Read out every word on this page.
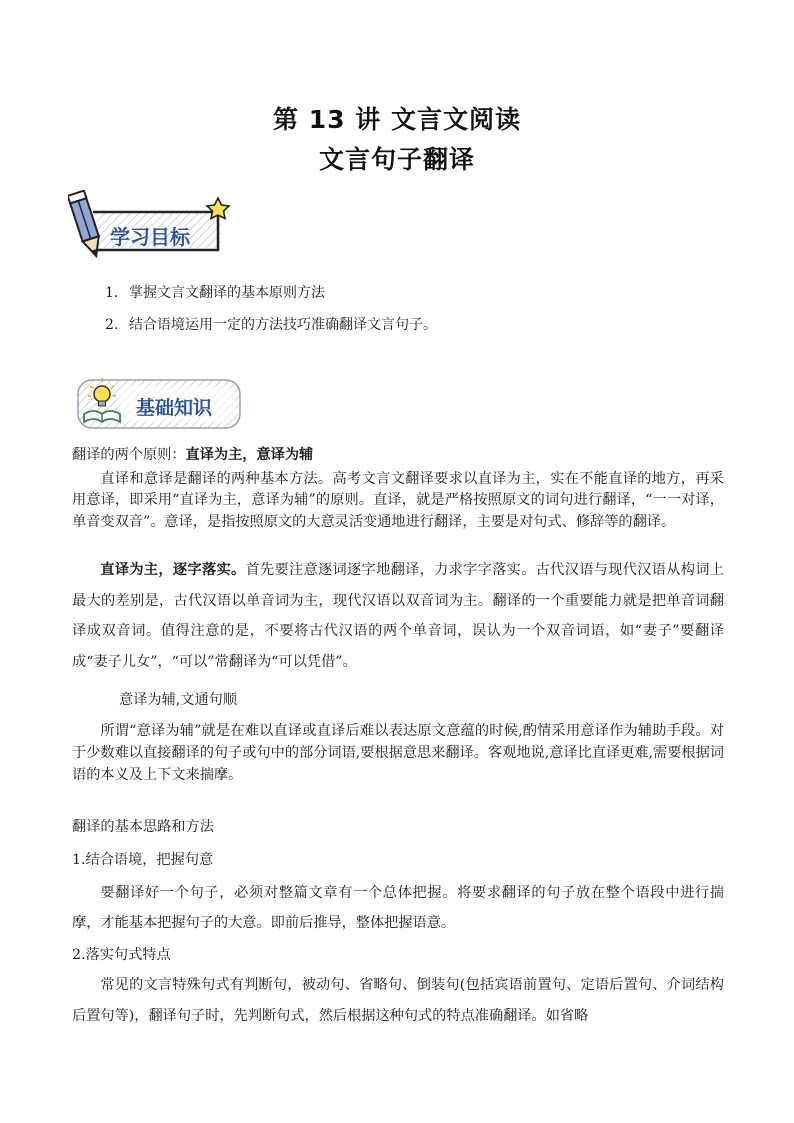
第 13 讲 文言文阅读
文言句子翻译
学习目标
1. 掌握文言文翻译的基本原则方法
2. 结合语境运用一定的方法技巧准确翻译文言句子。
基础知识
翻译的两个原则：直译为主，意译为辅
直译和意译是翻译的两种基本方法。高考文言文翻译要求以直译为主，实在不能直译的地方，再采用意译，即采用“直译为主，意译为辅”的原则。直译，就是严格按照原文的词句进行翻译，“一一对译，单音变双音”。意译，是指按照原文的大意灵活变通地进行翻译，主要是对句式、修辞等的翻译。
直译为主，逐字落实。首先要注意逐词逐字地翻译，力求字字落实。古代汉语与现代汉语从构词上最大的差别是，古代汉语以单音词为主，现代汉语以双音词为主。翻译的一个重要能力就是把单音词翻译成双音词。值得注意的是，不要将古代汉语的两个单音词，误认为一个双音词语，如“妻子”要翻译成“妻子儿女”，“可以”常翻译为“可以凭借”。
意译为辅,文通句顺
所谓“意译为辅”就是在难以直译或直译后难以表达原文意蕴的时候,酌情采用意译作为辅助手段。对于少数难以直接翻译的句子或句中的部分词语,要根据意思来翻译。客观地说,意译比直译更难,需要根据词语的本义及上下文来揣摩。
翻译的基本思路和方法
1.结合语境，把握句意
要翻译好一个句子，必须对整篇文章有一个总体把握。将要求翻译的句子放在整个语段中进行揣摩，才能基本把握句子的大意。即前后推导，整体把握语意。
2.落实句式特点
常见的文言特殊句式有判断句，被动句、省略句、倒装句(包括宾语前置句、定语后置句、介词结构后置句等)，翻译句子时，先判断句式，然后根据这种句式的特点准确翻译。如省略
